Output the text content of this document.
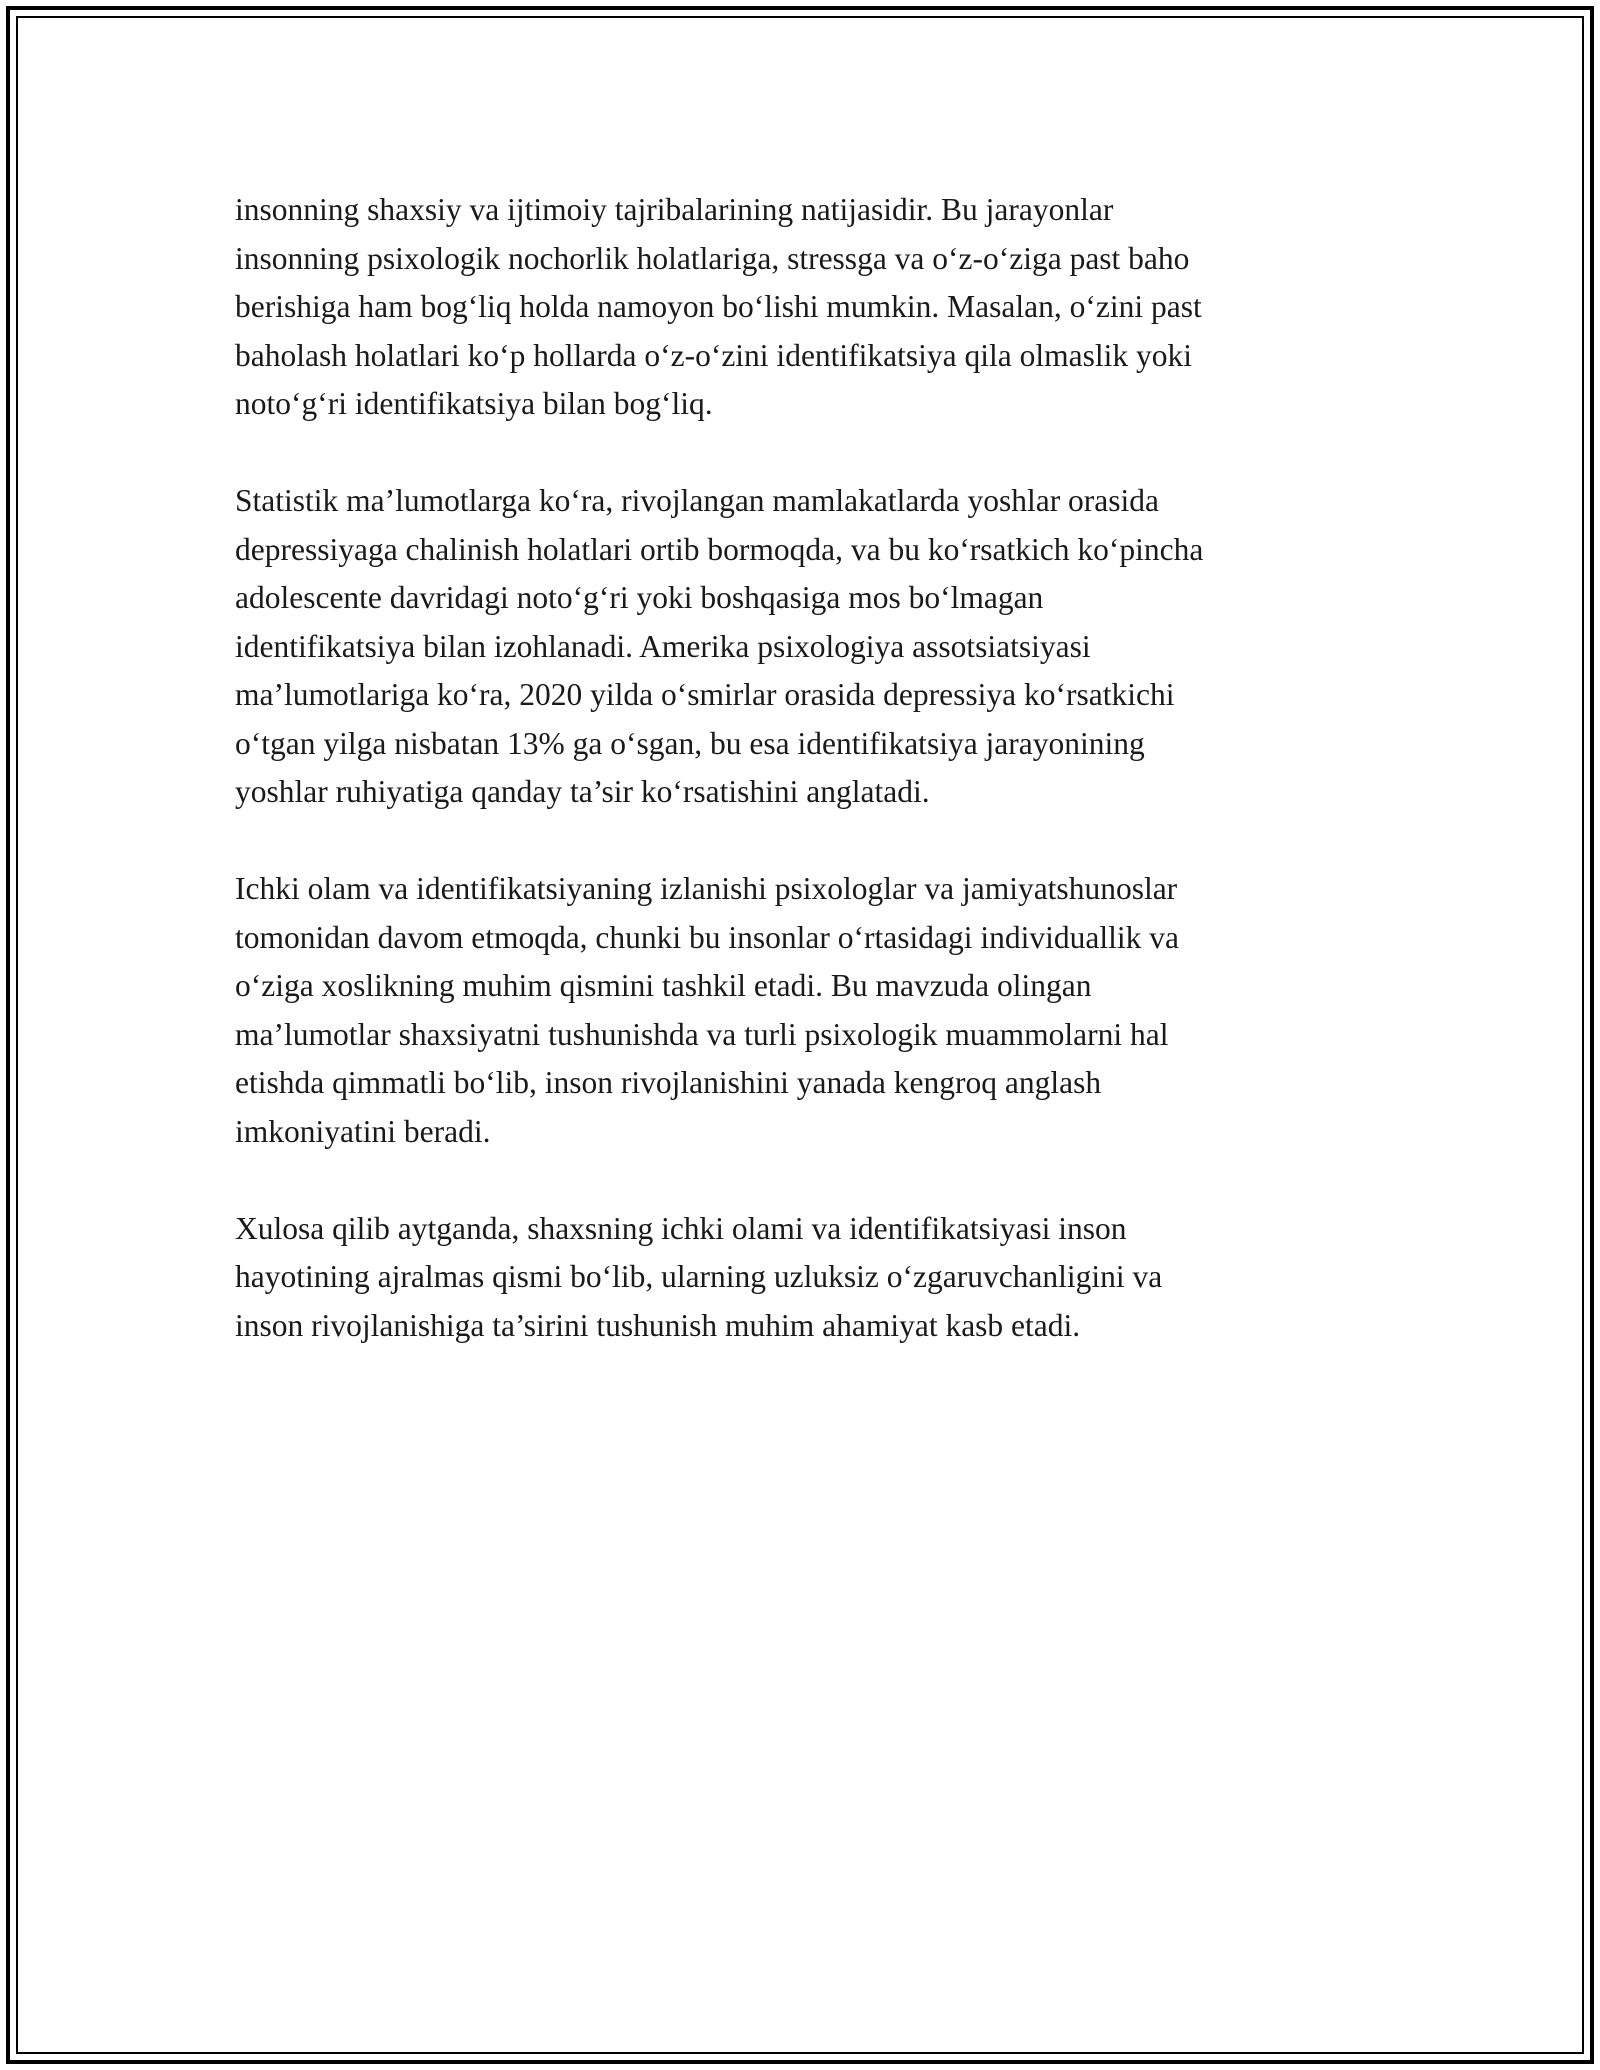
insonning shaxsiy va ijtimoiy tajribalarining natijasidir. Bu jarayonlar
insonning psixologik nochorlik holatlariga, stressga va o‘z-o‘ziga past baho
berishiga ham bog‘liq holda namoyon bo‘lishi mumkin. Masalan, o‘zini past
baholash holatlari ko‘p hollarda o‘z-o‘zini identifikatsiya qila olmaslik yoki
noto‘g‘ri identifikatsiya bilan bog‘liq.

Statistik ma’lumotlarga ko‘ra, rivojlangan mamlakatlarda yoshlar orasida
depressiyaga chalinish holatlari ortib bormoqda, va bu ko‘rsatkich ko‘pincha
adolescente davridagi noto‘g‘ri yoki boshqasiga mos bo‘lmagan
identifikatsiya bilan izohlanadi. Amerika psixologiya assotsiatsiyasi
ma’lumotlariga ko‘ra, 2020 yilda o‘smirlar orasida depressiya ko‘rsatkichi
o‘tgan yilga nisbatan 13% ga o‘sgan, bu esa identifikatsiya jarayonining
yoshlar ruhiyatiga qanday ta’sir ko‘rsatishini anglatadi.

Ichki olam va identifikatsiyaning izlanishi psixologlar va jamiyatshunoslar
tomonidan davom etmoqda, chunki bu insonlar o‘rtasidagi individuallik va
o‘ziga xoslikning muhim qismini tashkil etadi. Bu mavzuda olingan
ma’lumotlar shaxsiyatni tushunishda va turli psixologik muammolarni hal
etishda qimmatli bo‘lib, inson rivojlanishini yanada kengroq anglash
imkoniyatini beradi.

Xulosa qilib aytganda, shaxsning ichki olami va identifikatsiyasi inson
hayotining ajralmas qismi bo‘lib, ularning uzluksiz o‘zgaruvchanligini va
inson rivojlanishiga ta’sirini tushunish muhim ahamiyat kasb etadi.
